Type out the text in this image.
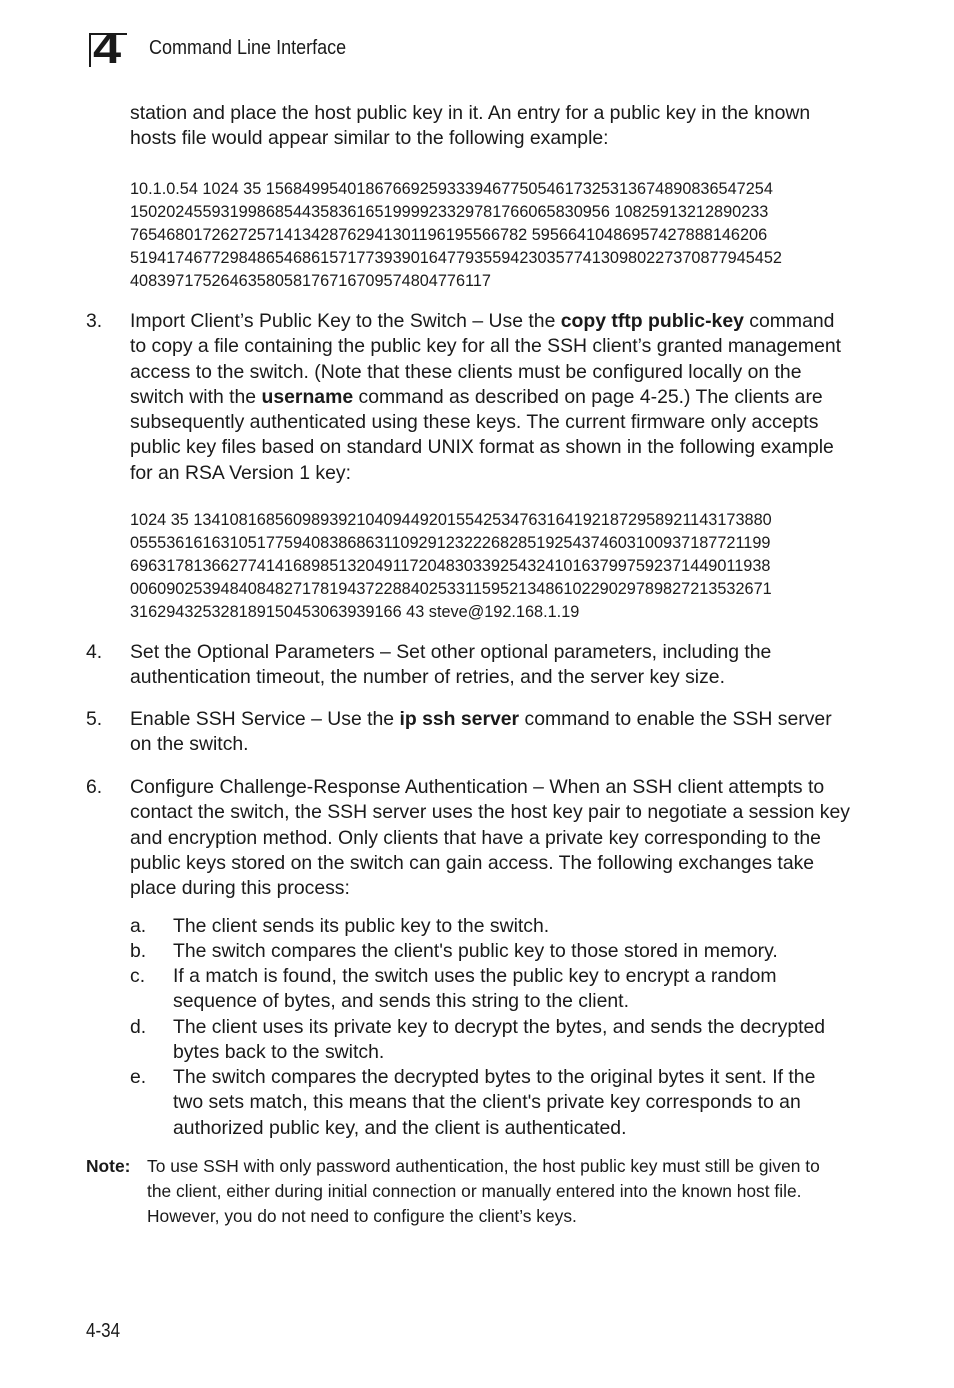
4 Command Line Interface
station and place the host public key in it. An entry for a public key in the known hosts file would appear similar to the following example:
10.1.0.54 1024 35 15684995401867669259333946775054617325313674890836547254
15020245593199868544358361651999923329781766065830956 10825913212890233
76546801726272571413428762941301196195566782 59566410486957427888146206
519417467729848654686157177393901647793559423035774130980227370877945452
4083971752646358058176716709574804776117
3. Import Client’s Public Key to the Switch – Use the copy tftp public-key command to copy a file containing the public key for all the SSH client’s granted management access to the switch. (Note that these clients must be configured locally on the switch with the username command as described on page 4-25.) The clients are subsequently authenticated using these keys. The current firmware only accepts public key files based on standard UNIX format as shown in the following example for an RSA Version 1 key:
1024 35 1341081685609893921040944920155425347631641921872958921143173880
05553616163105177594083868631109291232226828519254374603100937187721199
69631781366277414168985132049117204830339254324101637997592371449011938
00609025394840848271781943722884025331159521348610229029789827213532671
316294325328189150453063939166 43 steve@192.168.1.19
4. Set the Optional Parameters – Set other optional parameters, including the authentication timeout, the number of retries, and the server key size.
5. Enable SSH Service – Use the ip ssh server command to enable the SSH server on the switch.
6. Configure Challenge-Response Authentication – When an SSH client attempts to contact the switch, the SSH server uses the host key pair to negotiate a session key and encryption method. Only clients that have a private key corresponding to the public keys stored on the switch can gain access. The following exchanges take place during this process:
a. The client sends its public key to the switch.
b. The switch compares the client's public key to those stored in memory.
c. If a match is found, the switch uses the public key to encrypt a random sequence of bytes, and sends this string to the client.
d. The client uses its private key to decrypt the bytes, and sends the decrypted bytes back to the switch.
e. The switch compares the decrypted bytes to the original bytes it sent. If the two sets match, this means that the client's private key corresponds to an authorized public key, and the client is authenticated.
Note: To use SSH with only password authentication, the host public key must still be given to the client, either during initial connection or manually entered into the known host file. However, you do not need to configure the client’s keys.
4-34
